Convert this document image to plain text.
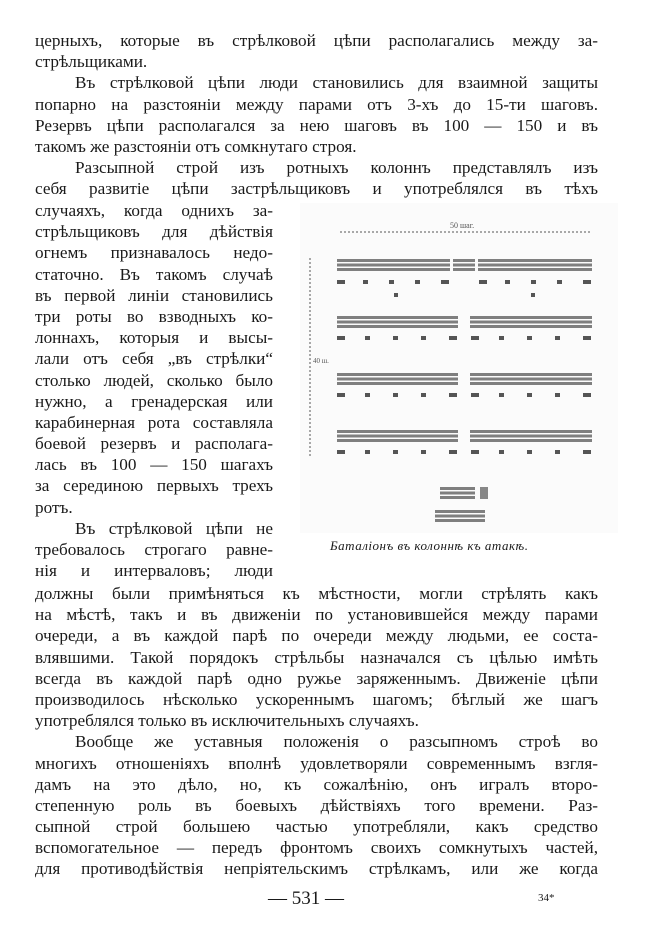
церныхъ, которые въ стрѣлковой цѣпи располагались между за-
стрѣльщиками.
Въ стрѣлковой цѣпи люди становились для взаимной защиты
попарно на разстояніи между парами отъ 3-хъ до 15-ти шаговъ.
Резервъ цѣпи располагался за нею шаговъ въ 100 — 150 и въ
такомъ же разстояніи отъ сомкнутаго строя.
Разсыпной строй изъ ротныхъ колоннъ представлялъ изъ
себя развитіе цѣпи застрѣльщиковъ и употреблялся въ тѣхъ
случаяхъ, когда одниxъ за-
стрѣльщиковъ для дѣйствія
огнемъ признавалось недо-
статочно. Въ такомъ случаѣ
въ первой линіи становились
три роты во взводныхъ ко-
лоннахъ, которыя и высы-
лали отъ себя „въ стрѣлки“
столько людей, сколько было
нужно, а гренадерская или
карабинерная рота составляла
боевой резервъ и располага-
лась въ 100 — 150 шагахъ
за серединою первыхъ трехъ
ротъ.
Въ стрѣлковой цѣпи не
требовалось строгаго равне-
нія и интерваловъ; люди
50 шаг.
40 ш.
Баталіонъ въ колоннѣ къ атакѣ.
должны были примѣняться къ мѣстности, могли стрѣлять какъ
на мѣстѣ, такъ и въ движеніи по установившейся между парами
очереди, а въ каждой парѣ по очереди между людьми, ее соста-
влявшими. Такой порядокъ стрѣльбы назначался съ цѣлью имѣть
всегда въ каждой парѣ одно ружье заряженнымъ. Движеніе цѣпи
производилось нѣсколько ускореннымъ шагомъ; бѣглый же шагъ
употреблялся только въ исключительныхъ случаяхъ.
Вообще же уставныя положенія о разсыпномъ строѣ во
многихъ отношеніяхъ вполнѣ удовлетворяли современнымъ взгля-
дамъ на это дѣло, но, къ сожалѣнію, онъ игралъ второ-
степенную роль въ боевыхъ дѣйствіяхъ того времени. Раз-
сыпной строй большею частью употребляли, какъ средство
вспомогательное — передъ фронтомъ своихъ сомкнутыхъ частей,
для противодѣйствія непріятельскимъ стрѣлкамъ, или же когда
— 531 —	34*
